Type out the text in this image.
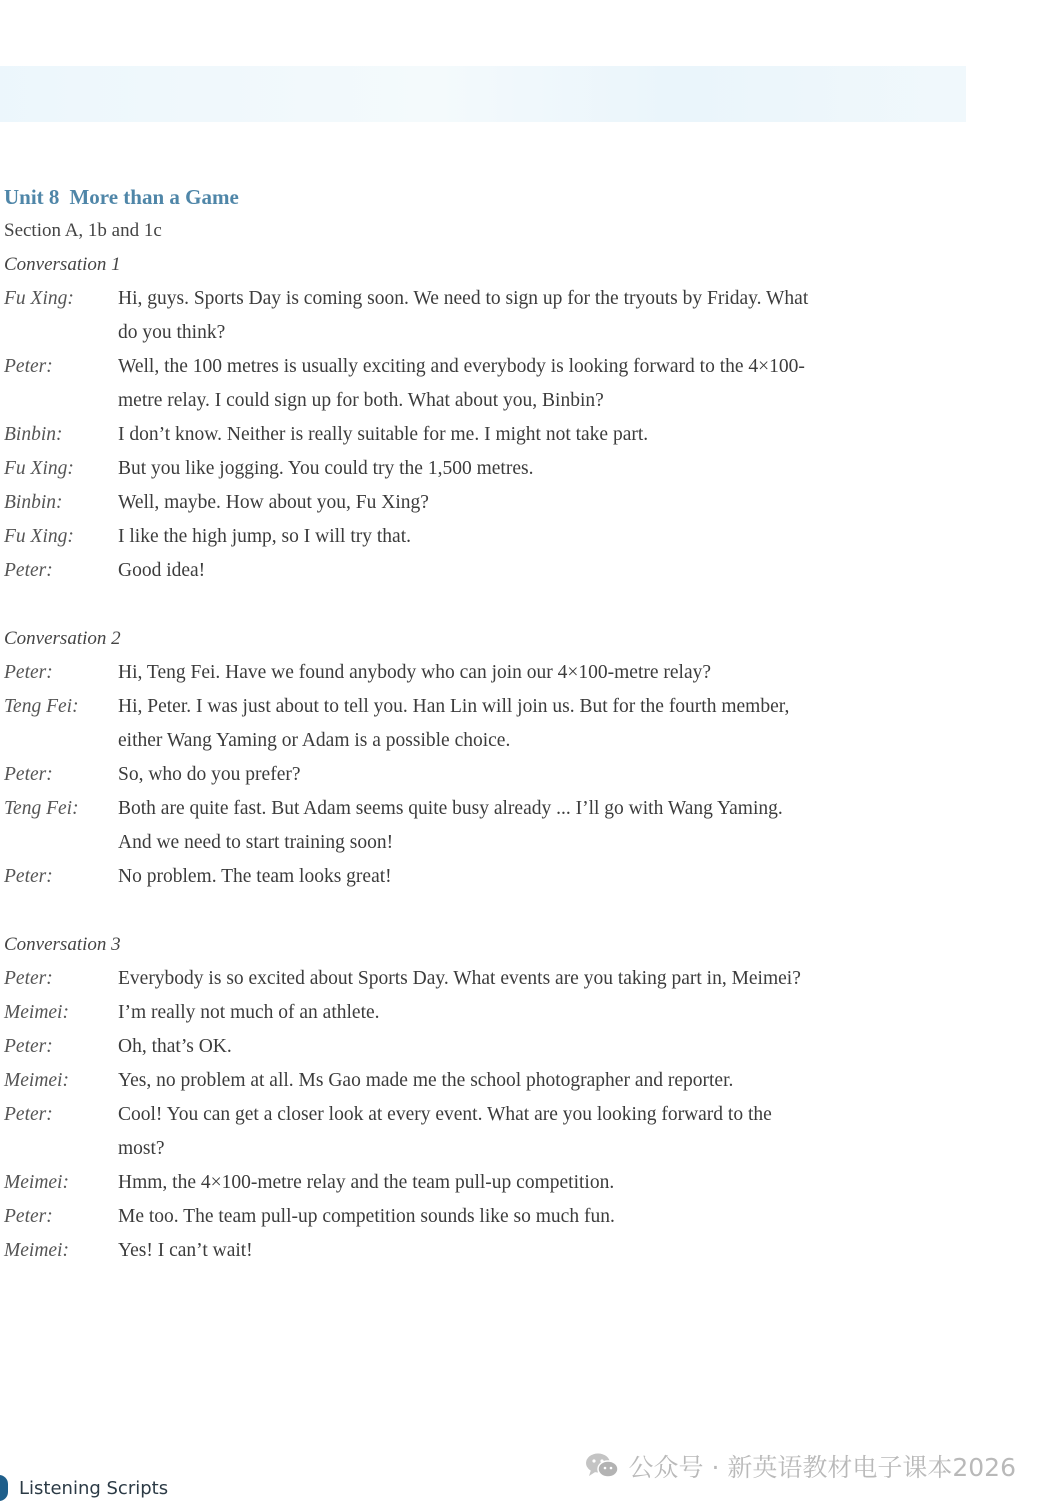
Unit 8 More than a Game
Section A, 1b and 1c
Conversation 1
Fu Xing:	Hi, guys. Sports Day is coming soon. We need to sign up for the tryouts by Friday. What do you think?
Peter:	Well, the 100 metres is usually exciting and everybody is looking forward to the 4×100-metre relay. I could sign up for both. What about you, Binbin?
Binbin:	I don’t know. Neither is really suitable for me. I might not take part.
Fu Xing:	But you like jogging. You could try the 1,500 metres.
Binbin:	Well, maybe. How about you, Fu Xing?
Fu Xing:	I like the high jump, so I will try that.
Peter:	Good idea!
Conversation 2
Peter:	Hi, Teng Fei. Have we found anybody who can join our 4×100-metre relay?
Teng Fei:	Hi, Peter. I was just about to tell you. Han Lin will join us. But for the fourth member, either Wang Yaming or Adam is a possible choice.
Peter:	So, who do you prefer?
Teng Fei:	Both are quite fast. But Adam seems quite busy already ... I’ll go with Wang Yaming. And we need to start training soon!
Peter:	No problem. The team looks great!
Conversation 3
Peter:	Everybody is so excited about Sports Day. What events are you taking part in, Meimei?
Meimei:	I’m really not much of an athlete.
Peter:	Oh, that’s OK.
Meimei:	Yes, no problem at all. Ms Gao made me the school photographer and reporter.
Peter:	Cool! You can get a closer look at every event. What are you looking forward to the most?
Meimei:	Hmm, the 4×100-metre relay and the team pull-up competition.
Peter:	Me too. The team pull-up competition sounds like so much fun.
Meimei:	Yes! I can’t wait!
Listening Scripts
公众号 · 新英语教材电子课本2026
